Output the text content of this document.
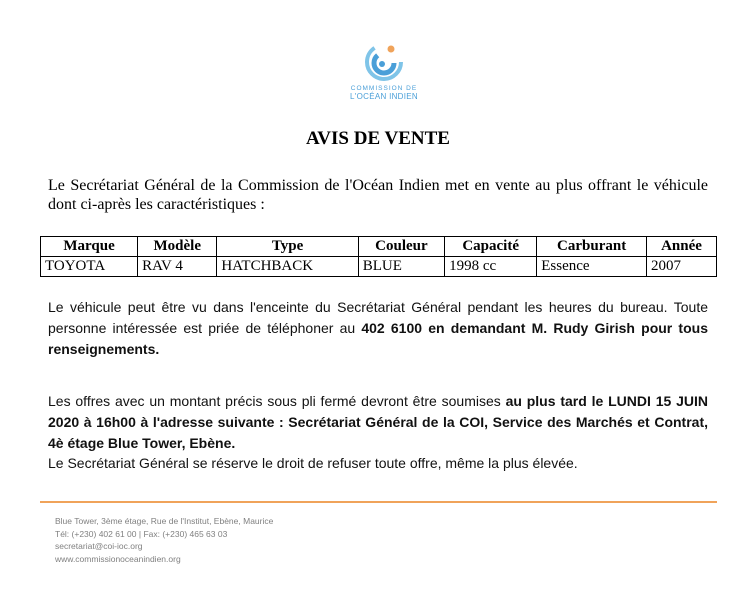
COMMISSION DE
L'OCÉAN INDIEN
AVIS DE VENTE
Le Secrétariat Général de la Commission de l'Océan Indien met en vente au plus offrant le véhicule dont ci-après les caractéristiques :
Marque	Modèle	Type	Couleur	Capacité	Carburant	Année
TOYOTA	RAV 4	HATCHBACK	BLUE	1998 cc	Essence	2007
Le véhicule peut être vu dans l'enceinte du Secrétariat Général pendant les heures du bureau. Toute personne intéressée est priée de téléphoner au 402 6100 en demandant M. Rudy Girish pour tous renseignements.
Les offres avec un montant précis sous pli fermé devront être soumises au plus tard le LUNDI 15 JUIN 2020 à 16h00 à l'adresse suivante : Secrétariat Général de la COI, Service des Marchés et Contrat, 4è étage Blue Tower, Ebène.
Le Secrétariat Général se réserve le droit de refuser toute offre, même la plus élevée.
Blue Tower, 3ème étage, Rue de l'Institut, Ebène, Maurice
Tél: (+230) 402 61 00 | Fax: (+230) 465 63 03
secretariat@coi-ioc.org
www.commissionoceanindien.org
